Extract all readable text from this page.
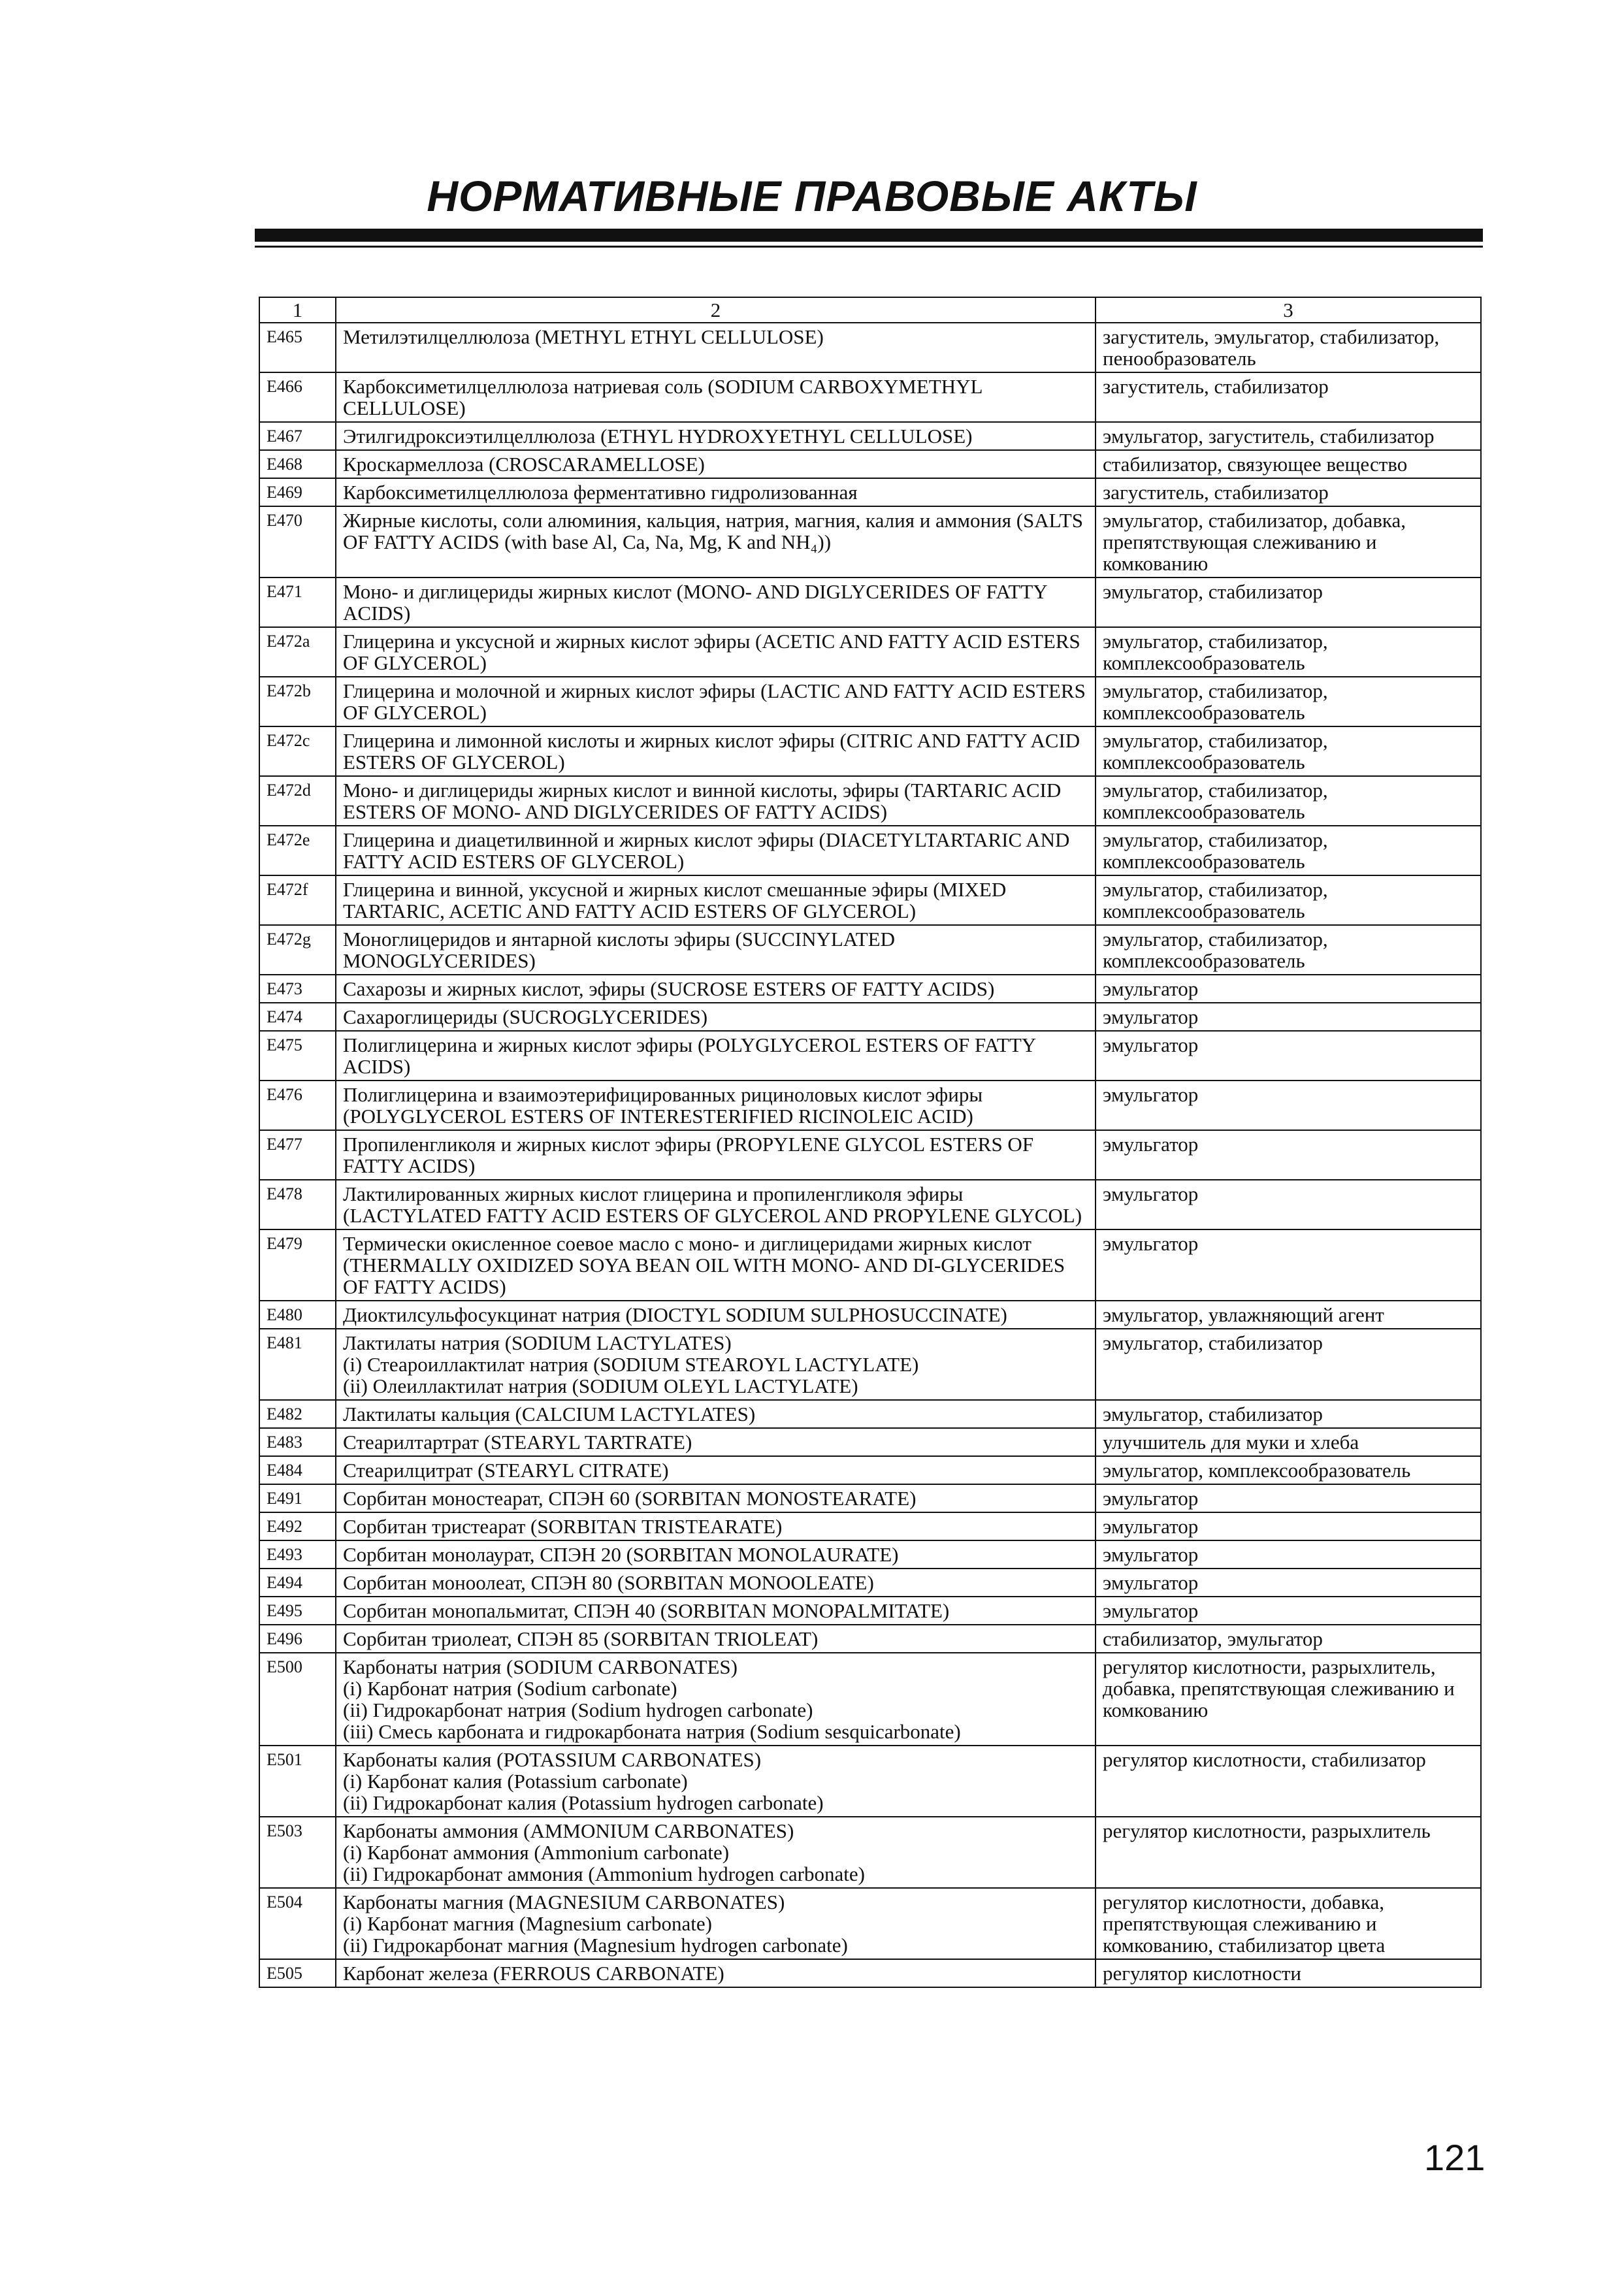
НОРМАТИВНЫЕ ПРАВОВЫЕ АКТЫ
1	2	3
E465	Метилэтилцеллюлоза (METHYL ETHYL CELLULOSE)	загуститель, эмульгатор, стабилизатор, пенообразователь
E466	Карбоксиметилцеллюлоза натриевая соль (SODIUM CARBOXYMETHYL CELLULOSE)	загуститель, стабилизатор
E467	Этилгидроксиэтилцеллюлоза (ETHYL HYDROXYETHYL CELLULOSE)	эмульгатор, загуститель, стабилизатор
E468	Кроскармеллоза (CROSCARAMELLOSE)	стабилизатор, связующее вещество
E469	Карбоксиметилцеллюлоза ферментативно гидролизованная	загуститель, стабилизатор
E470	Жирные кислоты, соли алюминия, кальция, натрия, магния, калия и аммония (SALTS OF FATTY ACIDS (with base Al, Ca, Na, Mg, K and NH₄))	эмульгатор, стабилизатор, добавка, препятствующая слеживанию и комкованию
E471	Моно- и диглицериды жирных кислот (MONO- AND DIGLYCERIDES OF FATTY ACIDS)	эмульгатор, стабилизатор
E472a	Глицерина и уксусной и жирных кислот эфиры (ACETIC AND FATTY ACID ESTERS OF GLYCEROL)	эмульгатор, стабилизатор, комплексообразователь
E472b	Глицерина и молочной и жирных кислот эфиры (LACTIC AND FATTY ACID ESTERS OF GLYCEROL)	эмульгатор, стабилизатор, комплексообразователь
E472c	Глицерина и лимонной кислоты и жирных кислот эфиры (CITRIC AND FATTY ACID ESTERS OF GLYCEROL)	эмульгатор, стабилизатор, комплексообразователь
E472d	Моно- и диглицериды жирных кислот и винной кислоты, эфиры (TARTARIC ACID ESTERS OF MONO- AND DIGLYCERIDES OF FATTY ACIDS)	эмульгатор, стабилизатор, комплексообразователь
E472e	Глицерина и диацетилвинной и жирных кислот эфиры (DIACETYLTARTARIC AND FATTY ACID ESTERS OF GLYCEROL)	эмульгатор, стабилизатор, комплексообразователь
E472f	Глицерина и винной, уксусной и жирных кислот смешанные эфиры (MIXED TARTARIC, ACETIC AND FATTY ACID ESTERS OF GLYCEROL)	эмульгатор, стабилизатор, комплексообразователь
E472g	Моноглицеридов и янтарной кислоты эфиры (SUCCINYLATED MONOGLYCERIDES)	эмульгатор, стабилизатор, комплексообразователь
E473	Сахарозы и жирных кислот, эфиры (SUCROSE ESTERS OF FATTY ACIDS)	эмульгатор
E474	Сахароглицериды (SUCROGLYCERIDES)	эмульгатор
E475	Полиглицерина и жирных кислот эфиры (POLYGLYCEROL ESTERS OF FATTY ACIDS)	эмульгатор
E476	Полиглицерина и взаимоэтерифицированных рициноловых кислот эфиры (POLYGLYCEROL ESTERS OF INTERESTERIFIED RICINOLEIC ACID)	эмульгатор
E477	Пропиленгликоля и жирных кислот эфиры (PROPYLENE GLYCOL ESTERS OF FATTY ACIDS)	эмульгатор
E478	Лактилированных жирных кислот глицерина и пропиленгликоля эфиры (LACTYLATED FATTY ACID ESTERS OF GLYCEROL AND PROPYLENE GLYCOL)	эмульгатор
E479	Термически окисленное соевое масло с моно- и диглицеридами жирных кислот (THERMALLY OXIDIZED SOYA BEAN OIL WITH MONO- AND DI-GLYCERIDES OF FATTY ACIDS)	эмульгатор
E480	Диоктилсульфосукцинат натрия (DIOCTYL SODIUM SULPHOSUCCINATE)	эмульгатор, увлажняющий агент
E481	Лактилаты натрия (SODIUM LACTYLATES)
(i) Стеароиллактилат натрия (SODIUM STEAROYL LACTYLATE)
(ii) Олеиллактилат натрия (SODIUM OLEYL LACTYLATE)	эмульгатор, стабилизатор
E482	Лактилаты кальция (CALCIUM LACTYLATES)	эмульгатор, стабилизатор
E483	Стеарилтартрат (STEARYL TARTRATE)	улучшитель для муки и хлеба
E484	Стеарилцитрат (STEARYL CITRATE)	эмульгатор, комплексообразователь
E491	Сорбитан моностеарат, СПЭН 60 (SORBITAN MONOSTEARATE)	эмульгатор
E492	Сорбитан тристеарат (SORBITAN TRISTEARATE)	эмульгатор
E493	Сорбитан монолаурат, СПЭН 20 (SORBITAN MONOLAURATE)	эмульгатор
E494	Сорбитан моноолеат, СПЭН 80 (SORBITAN MONOOLEATE)	эмульгатор
E495	Сорбитан монопальмитат, СПЭН 40 (SORBITAN MONOPALMITATE)	эмульгатор
E496	Сорбитан триолеат, СПЭН 85 (SORBITAN TRIOLEAT)	стабилизатор, эмульгатор
E500	Карбонаты натрия (SODIUM CARBONATES)
(i) Карбонат натрия (Sodium carbonate)
(ii) Гидрокарбонат натрия (Sodium hydrogen carbonate)
(iii) Смесь карбоната и гидрокарбоната натрия (Sodium sesquicarbonate)	регулятор кислотности, разрыхлитель, добавка, препятствующая слеживанию и комкованию
E501	Карбонаты калия (POTASSIUM CARBONATES)
(i) Карбонат калия (Potassium carbonate)
(ii) Гидрокарбонат калия (Potassium hydrogen carbonate)	регулятор кислотности, стабилизатор
E503	Карбонаты аммония (AMMONIUM CARBONATES)
(i) Карбонат аммония (Ammonium carbonate)
(ii) Гидрокарбонат аммония (Ammonium hydrogen carbonate)	регулятор кислотности, разрыхлитель
E504	Карбонаты магния (MAGNESIUM CARBONATES)
(i) Карбонат магния (Magnesium carbonate)
(ii) Гидрокарбонат магния (Magnesium hydrogen carbonate)	регулятор кислотности, добавка, препятствующая слеживанию и комкованию, стабилизатор цвета
E505	Карбонат железа (FERROUS CARBONATE)	регулятор кислотности
121
